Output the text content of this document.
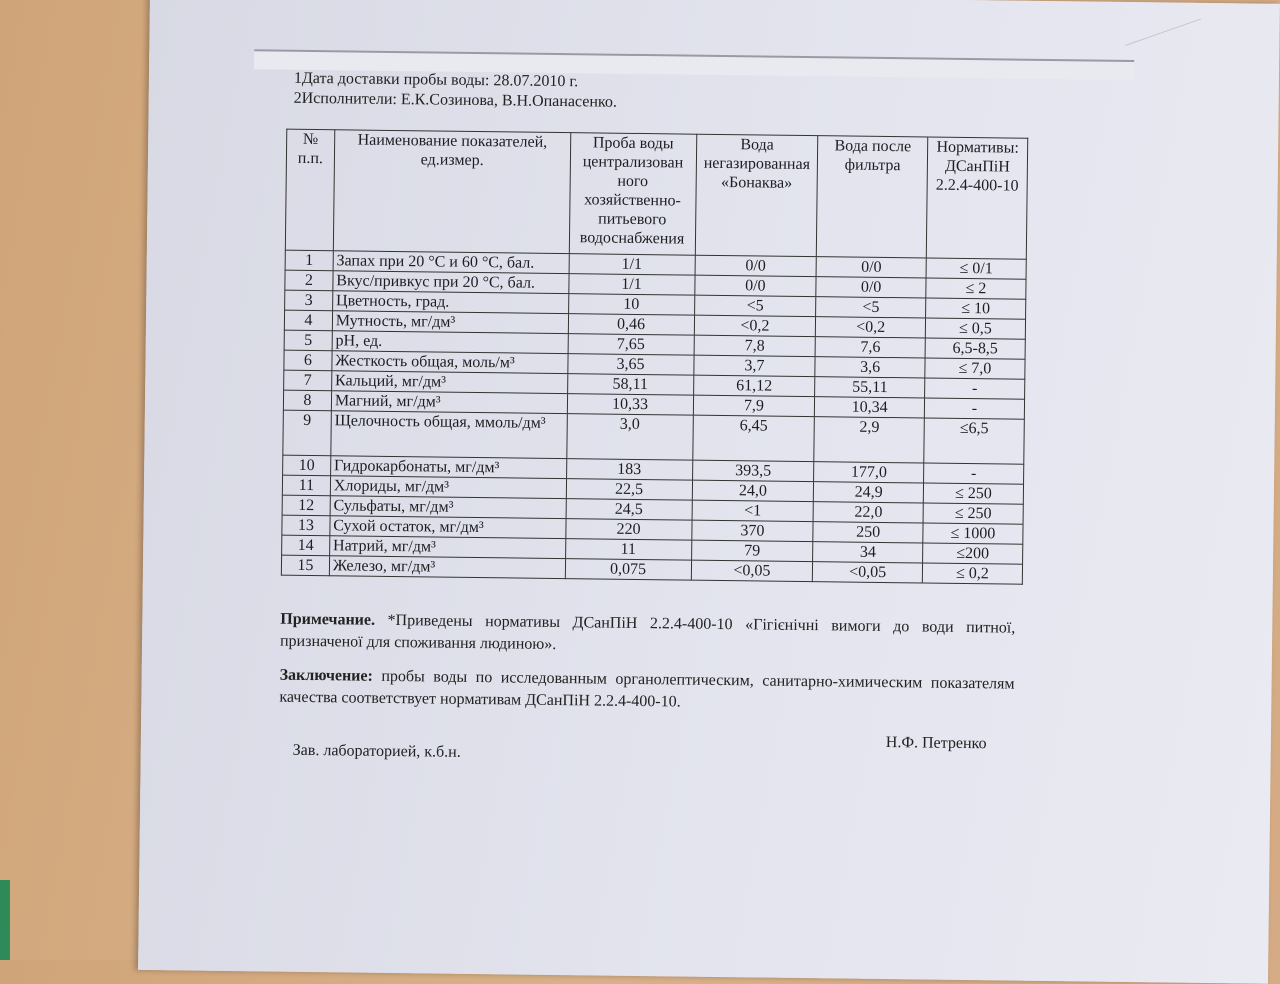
1Дата доставки пробы воды: 28.07.2010 г.
2Исполнители: Е.К.Созинова, В.Н.Опанасенко.
№ п.п.	Наименование показателей, ед.измер.	Проба воды централизован ного хозяйственно-питьевого водоснабжения	Вода негазированная «Бонаква»	Вода после фильтра	Нормативы: ДСанПіН 2.2.4-400-10
1	Запах при 20 °С и 60 °С, бал.	1/1	0/0	0/0	≤ 0/1
2	Вкус/привкус при 20 °С, бал.	1/1	0/0	0/0	≤ 2
3	Цветность, град.	10	<5	<5	≤ 10
4	Мутность, мг/дм³	0,46	<0,2	<0,2	≤ 0,5
5	pH, ед.	7,65	7,8	7,6	6,5-8,5
6	Жесткость общая, моль/м³	3,65	3,7	3,6	≤ 7,0
7	Кальций, мг/дм³	58,11	61,12	55,11	-
8	Магний, мг/дм³	10,33	7,9	10,34	-
9	Щелочность общая, ммоль/дм³	3,0	6,45	2,9	≤6,5
10	Гидрокарбонаты, мг/дм³	183	393,5	177,0	-
11	Хлориды, мг/дм³	22,5	24,0	24,9	≤ 250
12	Сульфаты, мг/дм³	24,5	<1	22,0	≤ 250
13	Сухой остаток, мг/дм³	220	370	250	≤ 1000
14	Натрий, мг/дм³	11	79	34	≤200
15	Железо, мг/дм³	0,075	<0,05	<0,05	≤ 0,2
Примечание. *Приведены нормативы ДСанПіН 2.2.4-400-10 «Гігієнічні вимоги до води питної, призначеної для споживання людиною».
Заключение: пробы воды по исследованным органолептическим, санитарно-химическим показателям качества соответствует нормативам ДСанПіН 2.2.4-400-10.
Н.Ф. Петренко
Зав. лабораторией, к.б.н.
